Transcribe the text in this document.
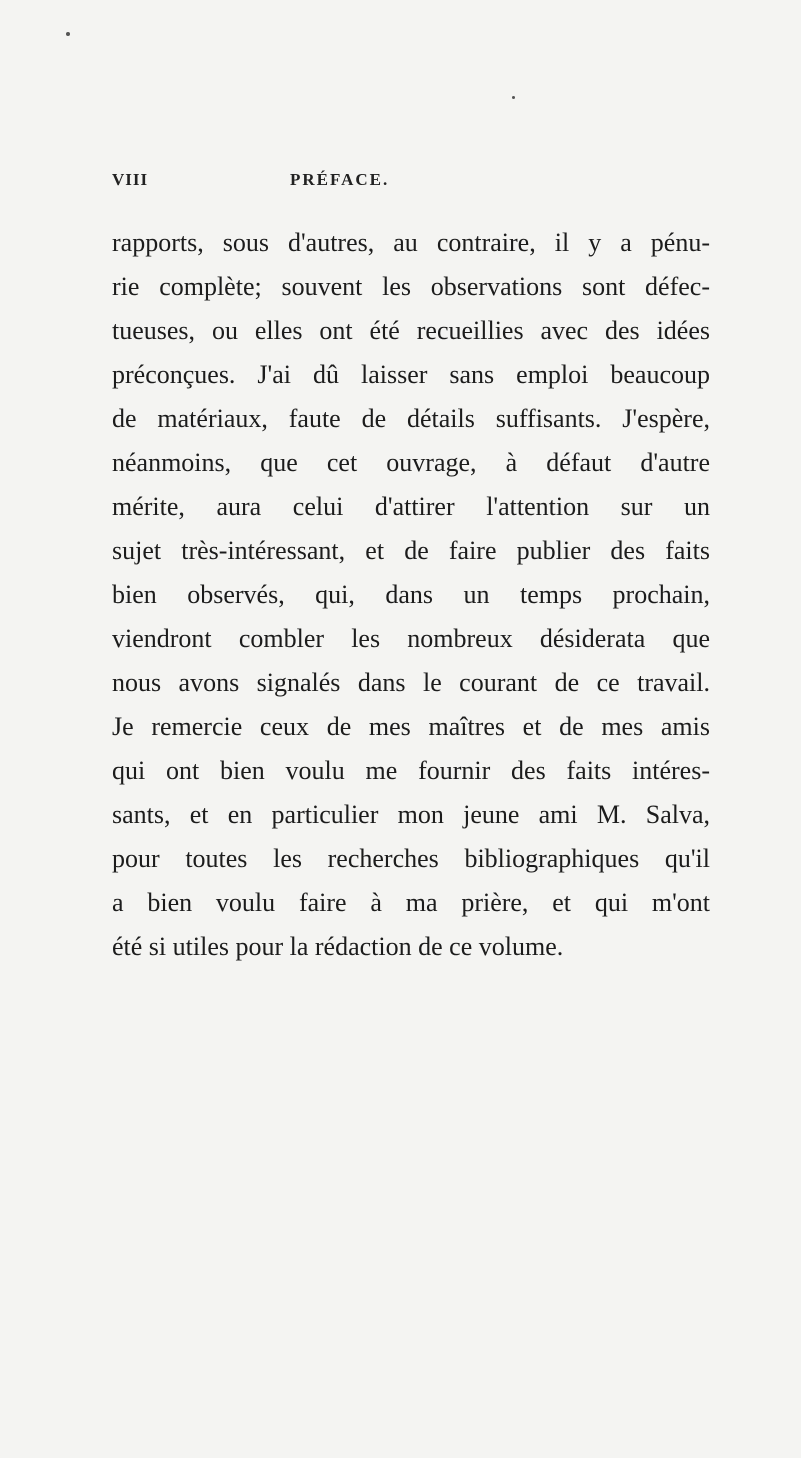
VIII	PRÉFACE.
rapports, sous d'autres, au contraire, il y a pénu-
rie complète; souvent les observations sont défec-
tueuses, ou elles ont été recueillies avec des idées
préconçues. J'ai dû laisser sans emploi beaucoup
de matériaux, faute de détails suffisants. J'espère,
néanmoins, que cet ouvrage, à défaut d'autre
mérite, aura celui d'attirer l'attention sur un
sujet très-intéressant, et de faire publier des faits
bien observés, qui, dans un temps prochain,
viendront combler les nombreux désiderata que
nous avons signalés dans le courant de ce travail.
Je remercie ceux de mes maîtres et de mes amis
qui ont bien voulu me fournir des faits intéres-
sants, et en particulier mon jeune ami M. Salva,
pour toutes les recherches bibliographiques qu'il
a bien voulu faire à ma prière, et qui m'ont
été si utiles pour la rédaction de ce volume.
